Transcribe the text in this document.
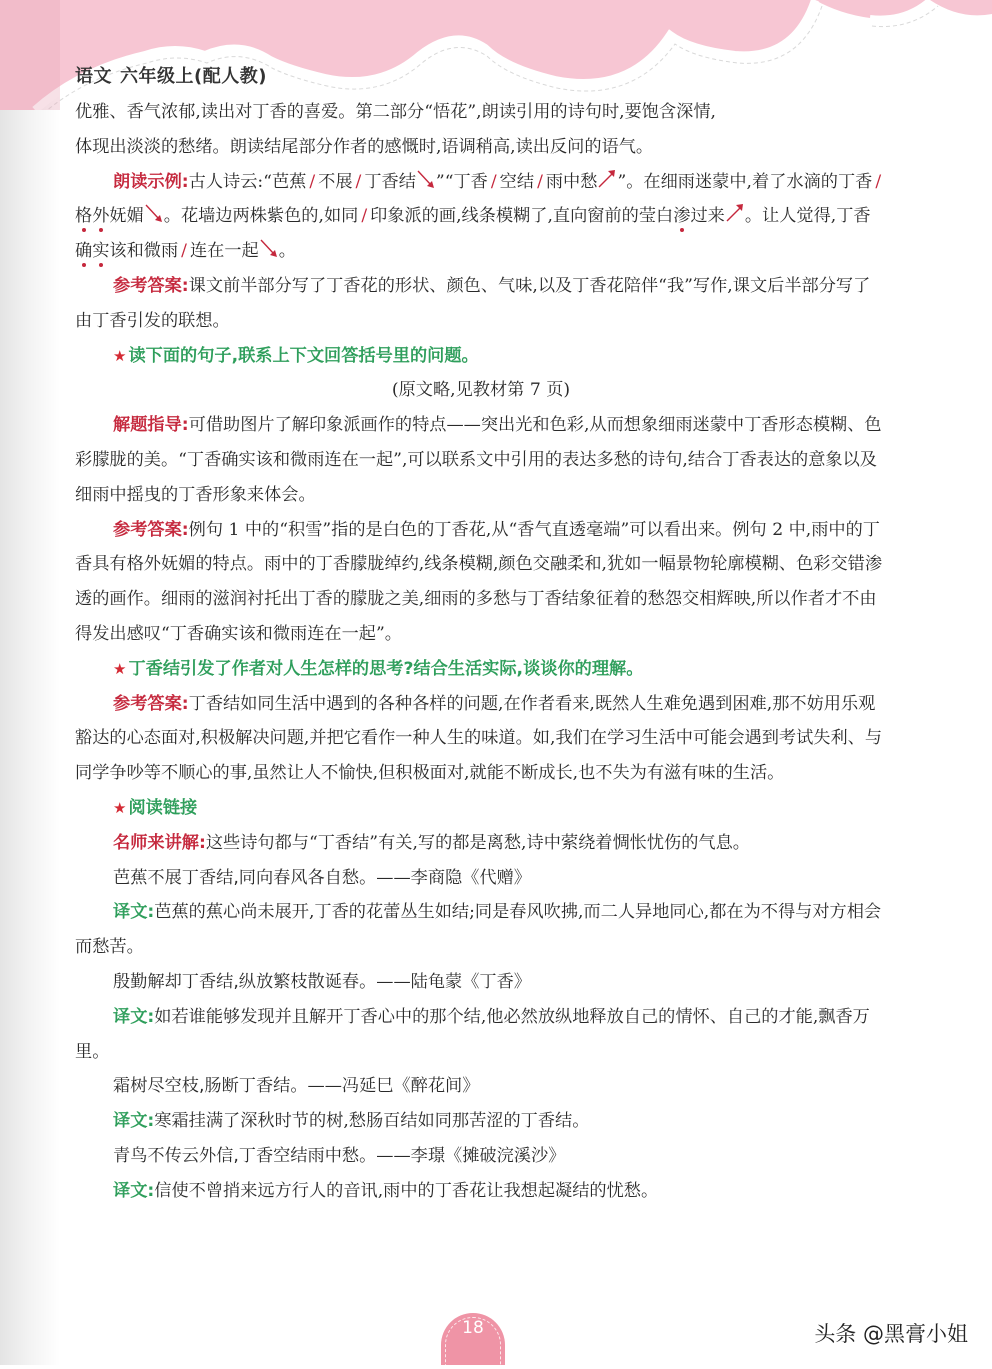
语文 六年级上(配人教)

优雅、香气浓郁,读出对丁香的喜爱。第二部分“悟花”,朗读引用的诗句时,要饱含深情,
体现出淡淡的愁绪。朗读结尾部分作者的感慨时,语调稍高,读出反问的语气。

朗读示例:古人诗云:“芭蕉 / 不展 / 丁香结 ”“丁香 / 空结 / 雨中愁 ”。在细雨迷蒙中,着了水滴的丁香 /格外妩媚 。花墙边两株紫色的,如同 / 印象派的画,线条模糊了,直向窗前的莹白渗过来 。让人觉得,丁香确实该和微雨 / 连在一起 。

参考答案:课文前半部分写了丁香花的形状、颜色、气味,以及丁香花陪伴“我”写作,课文后半部分写了由丁香引发的联想。

★ 读下面的句子,联系上下文回答括号里的问题。

(原文略,见教材第 7 页)

解题指导:可借助图片了解印象派画作的特点——突出光和色彩,从而想象细雨迷蒙中丁香形态模糊、色彩朦胧的美。“丁香确实该和微雨连在一起”,可以联系文中引用的表达多愁的诗句,结合丁香表达的意象以及细雨中摇曳的丁香形象来体会。

参考答案:例句 1 中的“积雪”指的是白色的丁香花,从“香气直透毫端”可以看出来。例句 2 中,雨中的丁香具有格外妩媚的特点。雨中的丁香朦胧绰约,线条模糊,颜色交融柔和,犹如一幅景物轮廓模糊、色彩交错渗透的画作。细雨的滋润衬托出丁香的朦胧之美,细雨的多愁与丁香结象征着的愁怨交相辉映,所以作者才不由得发出感叹“丁香确实该和微雨连在一起”。

★ 丁香结引发了作者对人生怎样的思考?结合生活实际,谈谈你的理解。

参考答案:丁香结如同生活中遇到的各种各样的问题,在作者看来,既然人生难免遇到困难,那不妨用乐观豁达的心态面对,积极解决问题,并把它看作一种人生的味道。如,我们在学习生活中可能会遇到考试失利、与同学争吵等不顺心的事,虽然让人不愉快,但积极面对,就能不断成长,也不失为有滋有味的生活。

★ 阅读链接

名师来讲解:这些诗句都与“丁香结”有关,写的都是离愁,诗中萦绕着惆怅忧伤的气息。

芭蕉不展丁香结,同向春风各自愁。——李商隐《代赠》

译文:芭蕉的蕉心尚未展开,丁香的花蕾丛生如结;同是春风吹拂,而二人异地同心,都在为不得与对方相会而愁苦。

殷勤解却丁香结,纵放繁枝散诞春。——陆龟蒙《丁香》

译文:如若谁能够发现并且解开丁香心中的那个结,他必然放纵地释放自己的情怀、自己的才能,飘香万里。

霜树尽空枝,肠断丁香结。——冯延巳《醉花间》

译文:寒霜挂满了深秋时节的树,愁肠百结如同那苦涩的丁香结。

青鸟不传云外信,丁香空结雨中愁。——李璟《摊破浣溪沙》

译文:信使不曾捎来远方行人的音讯,雨中的丁香花让我想起凝结的忧愁。

18	头条 @黑膏小姐
